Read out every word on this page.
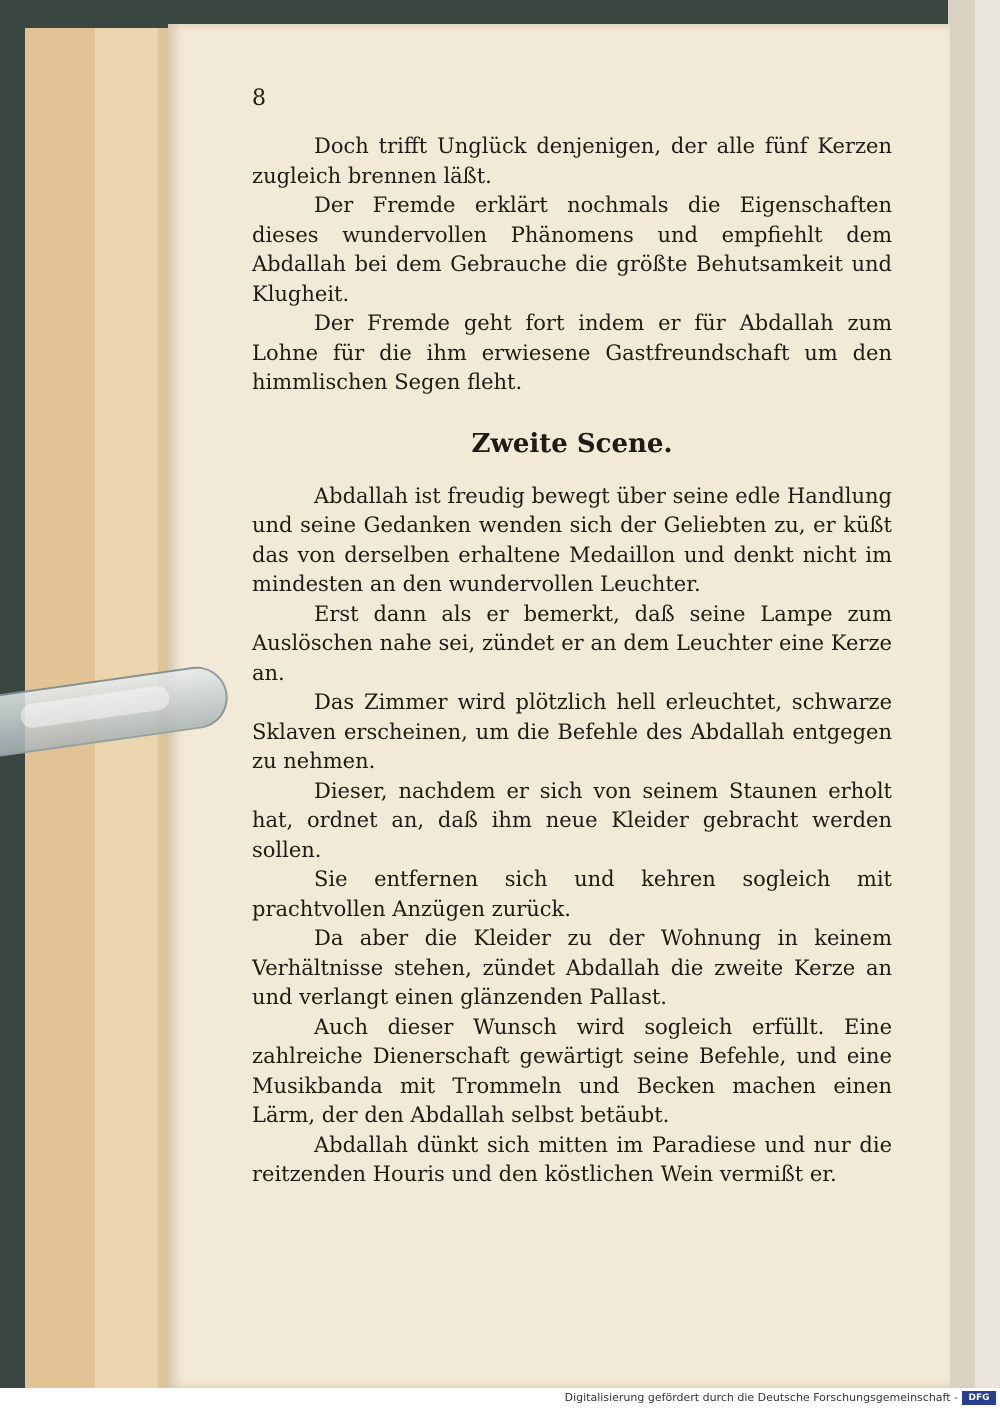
8

Doch trifft Unglück denjenigen, der alle fünf Kerzen zugleich brennen läßt.

Der Fremde erklärt nochmals die Eigenschaften dieses wundervollen Phänomens und empfiehlt dem Abdallah bei dem Gebrauche die größte Behutsamkeit und Klugheit.

Der Fremde geht fort indem er für Abdallah zum Lohne für die ihm erwiesene Gastfreundschaft um den himmlischen Segen fleht.

Zweite Scene.

Abdallah ist freudig bewegt über seine edle Handlung und seine Gedanken wenden sich der Geliebten zu, er küßt das von derselben erhaltene Medaillon und denkt nicht im mindesten an den wundervollen Leuchter.

Erst dann als er bemerkt, daß seine Lampe zum Auslöschen nahe sei, zündet er an dem Leuchter eine Kerze an.

Das Zimmer wird plötzlich hell erleuchtet, schwarze Sklaven erscheinen, um die Befehle des Abdallah entgegen zu nehmen.

Dieser, nachdem er sich von seinem Staunen erholt hat, ordnet an, daß ihm neue Kleider gebracht werden sollen.

Sie entfernen sich und kehren sogleich mit prachtvollen Anzügen zurück.

Da aber die Kleider zu der Wohnung in keinem Verhältnisse stehen, zündet Abdallah die zweite Kerze an und verlangt einen glänzenden Pallast.

Auch dieser Wunsch wird sogleich erfüllt. Eine zahlreiche Dienerschaft gewärtigt seine Befehle, und eine Musikbanda mit Trommeln und Becken machen einen Lärm, der den Abdallah selbst betäubt.

Abdallah dünkt sich mitten im Paradiese und nur die reitzenden Houris und den köstlichen Wein vermißt er.

Digitalisierung gefördert durch die Deutsche Forschungsgemeinschaft -	DFG
